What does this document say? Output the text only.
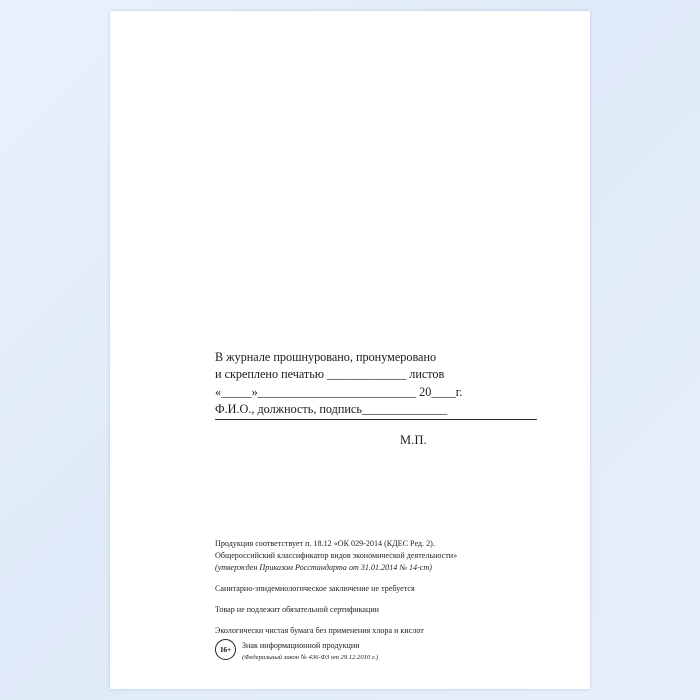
В журнале прошнуровано, пронумеровано
и скреплено печатью _____________ листов
«_____»__________________________ 20____г.
Ф.И.О., должность, подпись______________
М.П.
Продукция соответствует п. 18.12 «ОК 029-2014 (КДЕС Ред. 2).
Общероссийский классификатор видов экономической деятельности»
(утвержден Приказом Росстандарта от 31.01.2014 № 14-ст)
Санитарно-эпидемиологическое заключение не требуется
Товар не подлежит обязательной сертификации
Экологически чистая бумага без применения хлора и кислот
16+	Знак информационной продукции
(Федеральный закон № 436-ФЗ от 29.12.2010 г.)
